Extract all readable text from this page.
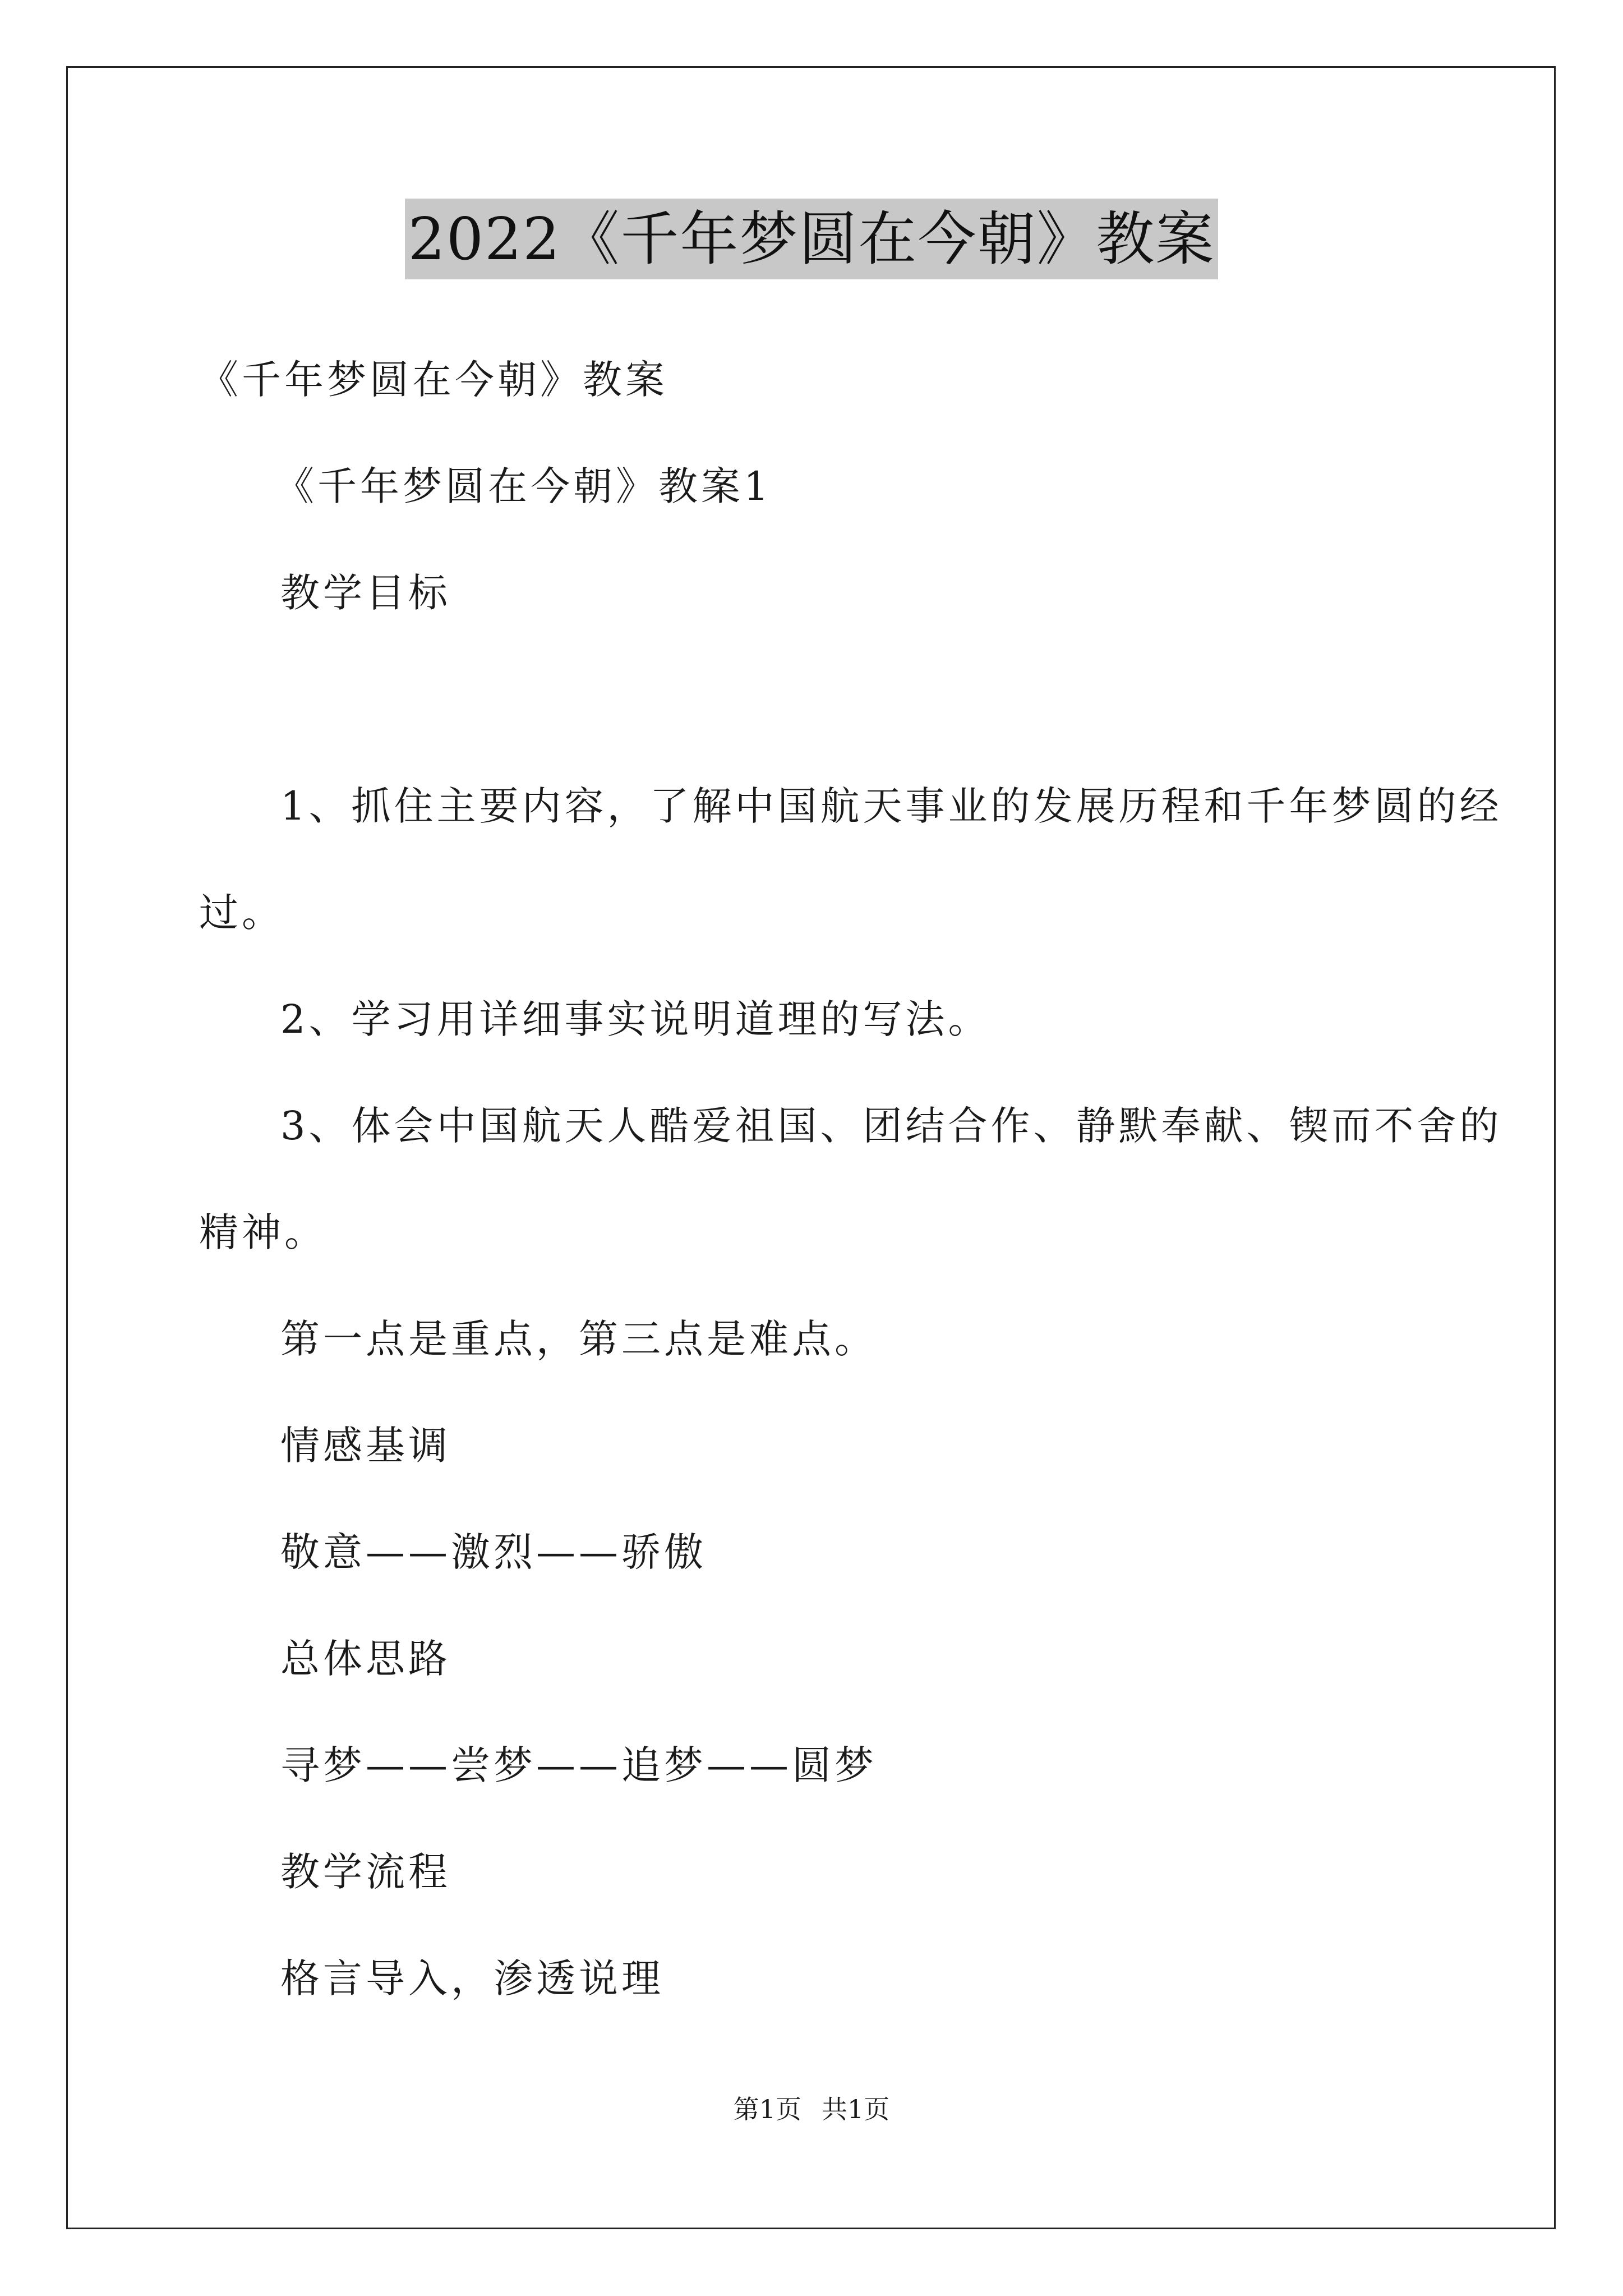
2022《千年梦圆在今朝》教案
《千年梦圆在今朝》教案
《千年梦圆在今朝》教案1
教学目标
1、抓住主要内容，了解中国航天事业的发展历程和千年梦圆的经
过。
2、学习用详细事实说明道理的写法。
3、体会中国航天人酷爱祖国、团结合作、静默奉献、锲而不舍的
精神。
第一点是重点，第三点是难点。
情感基调
敬意——激烈——骄傲
总体思路
寻梦——尝梦——追梦——圆梦
教学流程
格言导入，渗透说理
第1页 共1页
